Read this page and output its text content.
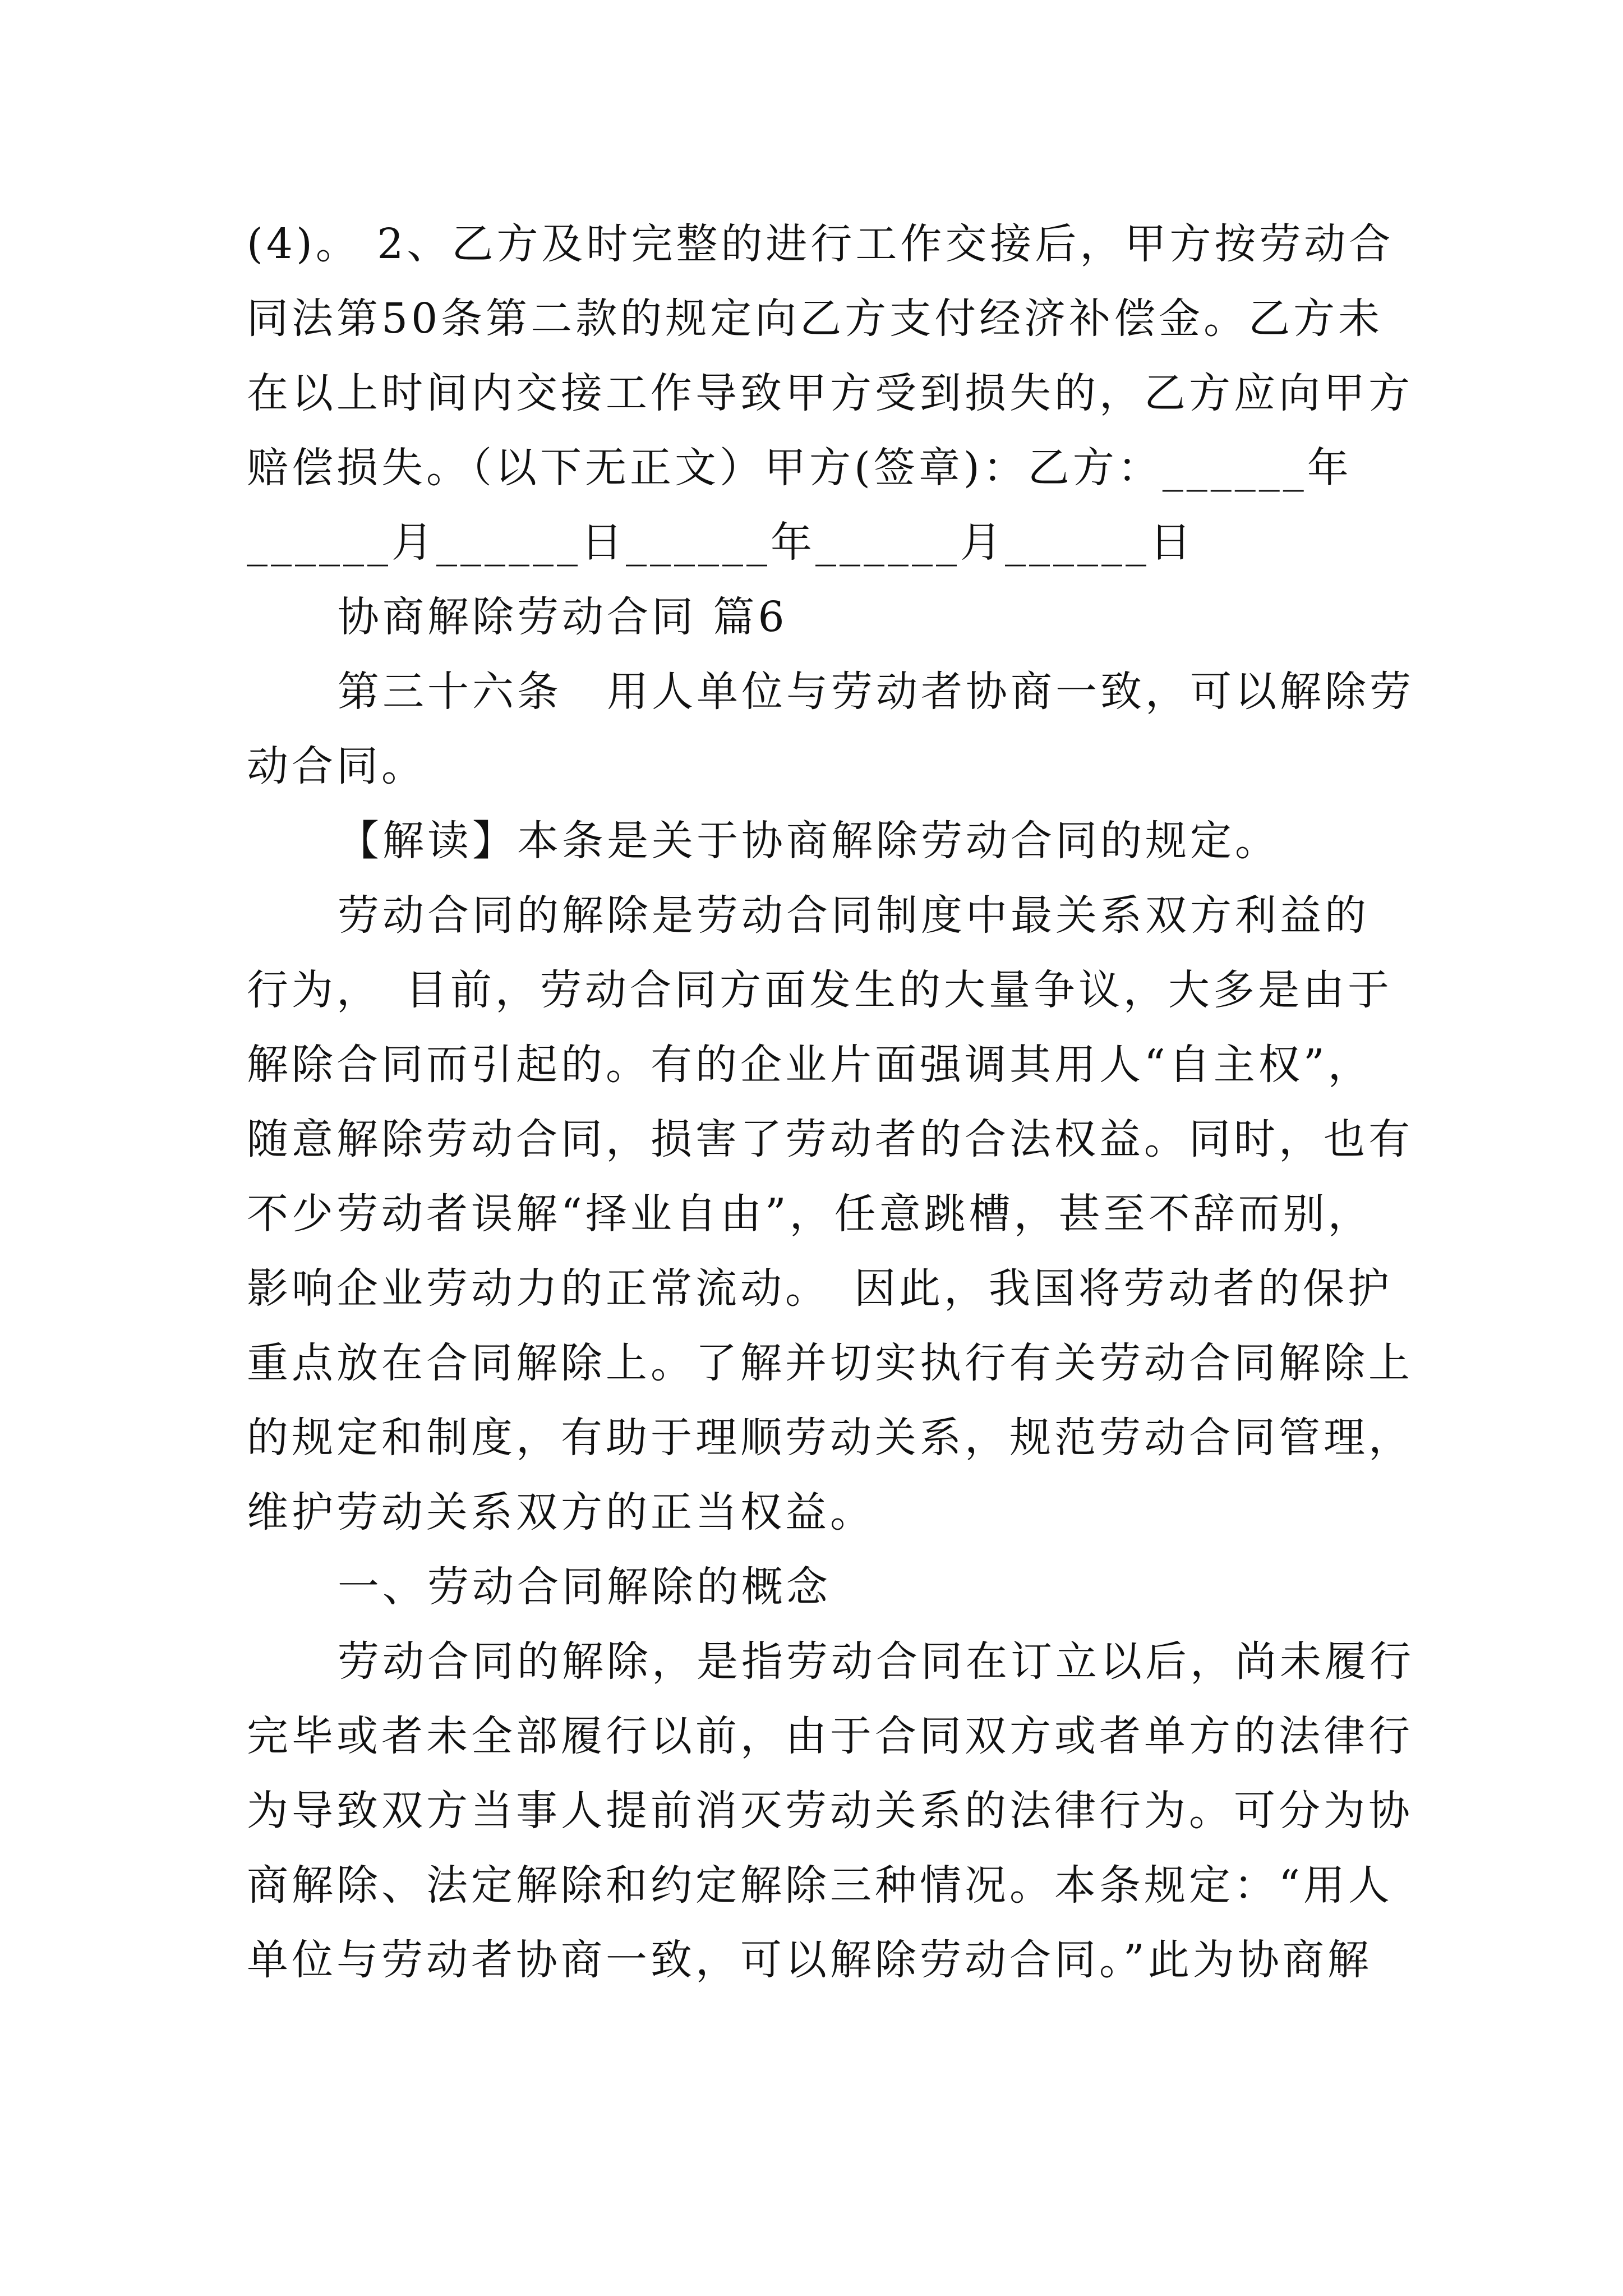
(4)。 2、乙方及时完整的进行工作交接后，甲方按劳动合
同法第50条第二款的规定向乙方支付经济补偿金。乙方未
在以上时间内交接工作导致甲方受到损失的，乙方应向甲方
赔偿损失。（以下无正文）甲方(签章)：乙方：______年
______月______日______年______月______日
协商解除劳动合同 篇6
第三十六条　用人单位与劳动者协商一致，可以解除劳
动合同。
【解读】本条是关于协商解除劳动合同的规定。
劳动合同的解除是劳动合同制度中最关系双方利益的
行为，　目前，劳动合同方面发生的大量争议，大多是由于
解除合同而引起的。有的企业片面强调其用人“自主权”，
随意解除劳动合同，损害了劳动者的合法权益。同时，也有
不少劳动者误解“择业自由”，任意跳槽，甚至不辞而别，
影响企业劳动力的正常流动。　因此，我国将劳动者的保护
重点放在合同解除上。了解并切实执行有关劳动合同解除上
的规定和制度，有助于理顺劳动关系，规范劳动合同管理，
维护劳动关系双方的正当权益。
一、劳动合同解除的概念
劳动合同的解除，是指劳动合同在订立以后，尚未履行
完毕或者未全部履行以前，由于合同双方或者单方的法律行
为导致双方当事人提前消灭劳动关系的法律行为。可分为协
商解除、法定解除和约定解除三种情况。本条规定：“用人
单位与劳动者协商一致，可以解除劳动合同。”此为协商解
